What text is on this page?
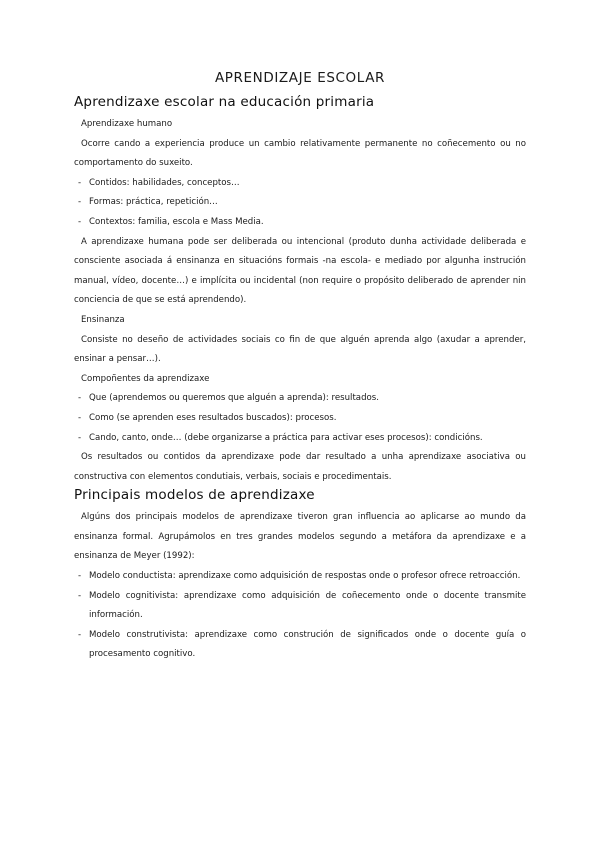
APRENDIZAJE ESCOLAR
Aprendizaxe escolar na educación primaria

Aprendizaxe humano

Ocorre cando a experiencia produce un cambio relativamente permanente no coñecemento ou no comportamento do suxeito.

- Contidos: habilidades, conceptos…
- Formas: práctica, repetición…
- Contextos: familia, escola e Mass Media.

A aprendizaxe humana pode ser deliberada ou intencional (produto dunha actividade deliberada e consciente asociada á ensinanza en situacións formais -na escola- e mediado por algunha instrución manual, vídeo, docente…) e implícita ou incidental (non require o propósito deliberado de aprender nin conciencia de que se está aprendendo).

Ensinanza

Consiste no deseño de actividades sociais co fin de que alguén aprenda algo (axudar a aprender, ensinar a pensar…).

Compoñentes da aprendizaxe

- Que (aprendemos ou queremos que alguén a aprenda): resultados.
- Como (se aprenden eses resultados buscados): procesos.
- Cando, canto, onde… (debe organizarse a práctica para activar eses procesos): condicións.

Os resultados ou contidos da aprendizaxe pode dar resultado a unha aprendizaxe asociativa ou constructiva con elementos condutiais, verbais, sociais e procedimentais.

Principais modelos de aprendizaxe

Algúns dos principais modelos de aprendizaxe tiveron gran influencia ao aplicarse ao mundo da ensinanza formal. Agrupámolos en tres grandes modelos segundo a metáfora da aprendizaxe e a ensinanza de Meyer (1992):

- Modelo conductista: aprendizaxe como adquisición de respostas onde o profesor ofrece retroacción.
- Modelo cognitivista: aprendizaxe como adquisición de coñecemento onde o docente transmite información.
- Modelo construtivista: aprendizaxe como construción de significados onde o docente guía o procesamento cognitivo.
